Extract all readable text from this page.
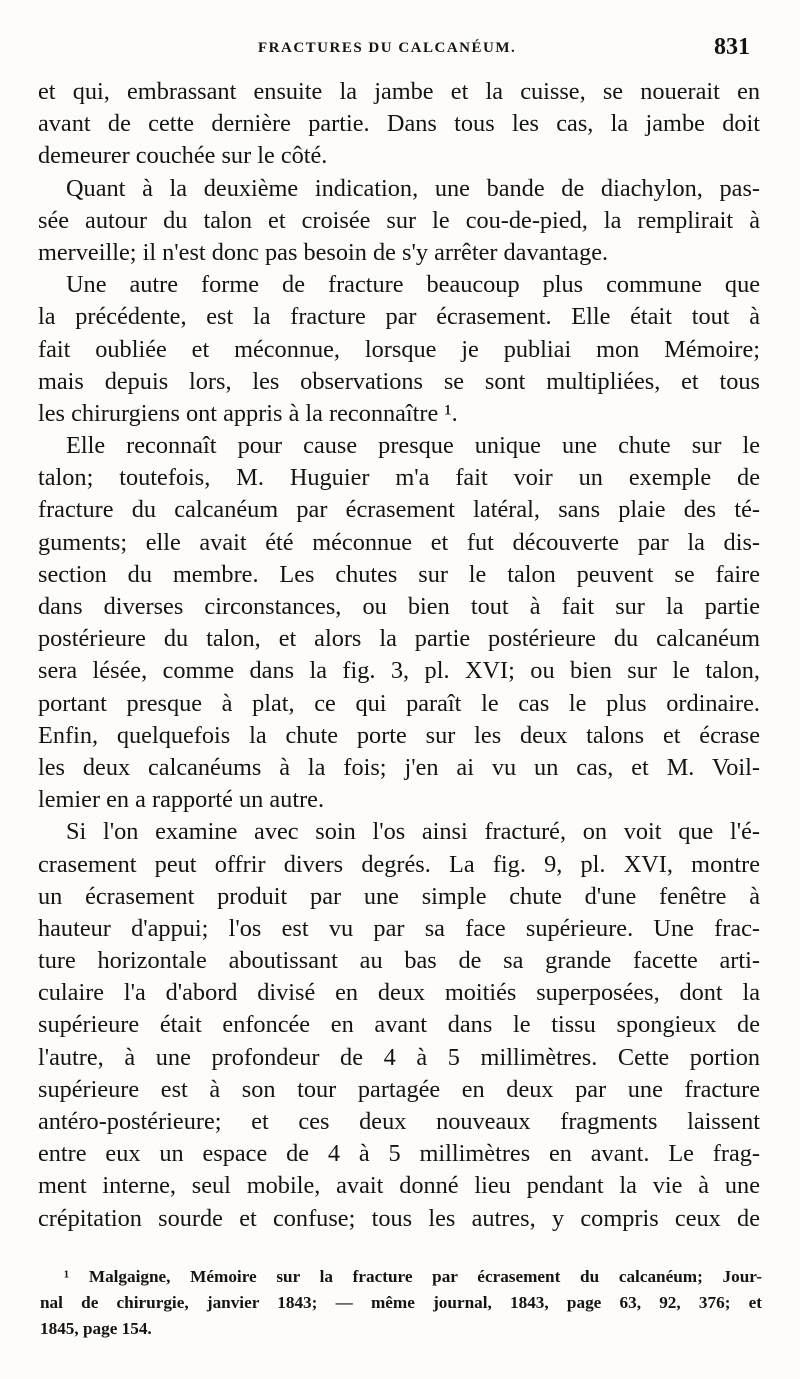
FRACTURES DU CALCANÉUM.	831
et qui, embrassant ensuite la jambe et la cuisse, se nouerait en
avant de cette dernière partie. Dans tous les cas, la jambe doit
demeurer couchée sur le côté.
Quant à la deuxième indication, une bande de diachylon, pas-
sée autour du talon et croisée sur le cou-de-pied, la remplirait à
merveille; il n'est donc pas besoin de s'y arrêter davantage.
Une autre forme de fracture beaucoup plus commune que
la précédente, est la fracture par écrasement. Elle était tout à
fait oubliée et méconnue, lorsque je publiai mon Mémoire;
mais depuis lors, les observations se sont multipliées, et tous
les chirurgiens ont appris à la reconnaître ¹.
Elle reconnaît pour cause presque unique une chute sur le
talon; toutefois, M. Huguier m'a fait voir un exemple de
fracture du calcanéum par écrasement latéral, sans plaie des té-
guments; elle avait été méconnue et fut découverte par la dis-
section du membre. Les chutes sur le talon peuvent se faire
dans diverses circonstances, ou bien tout à fait sur la partie
postérieure du talon, et alors la partie postérieure du calcanéum
sera lésée, comme dans la fig. 3, pl. XVI; ou bien sur le talon,
portant presque à plat, ce qui paraît le cas le plus ordinaire.
Enfin, quelquefois la chute porte sur les deux talons et écrase
les deux calcanéums à la fois; j'en ai vu un cas, et M. Voil-
lemier en a rapporté un autre.
Si l'on examine avec soin l'os ainsi fracturé, on voit que l'é-
crasement peut offrir divers degrés. La fig. 9, pl. XVI, montre
un écrasement produit par une simple chute d'une fenêtre à
hauteur d'appui; l'os est vu par sa face supérieure. Une frac-
ture horizontale aboutissant au bas de sa grande facette arti-
culaire l'a d'abord divisé en deux moitiés superposées, dont la
supérieure était enfoncée en avant dans le tissu spongieux de
l'autre, à une profondeur de 4 à 5 millimètres. Cette portion
supérieure est à son tour partagée en deux par une fracture
antéro-postérieure; et ces deux nouveaux fragments laissent
entre eux un espace de 4 à 5 millimètres en avant. Le frag-
ment interne, seul mobile, avait donné lieu pendant la vie à une
crépitation sourde et confuse; tous les autres, y compris ceux de
¹ Malgaigne, Mémoire sur la fracture par écrasement du calcanéum; Jour-
nal de chirurgie, janvier 1843; — même journal, 1843, page 63, 92, 376; et
1845, page 154.
